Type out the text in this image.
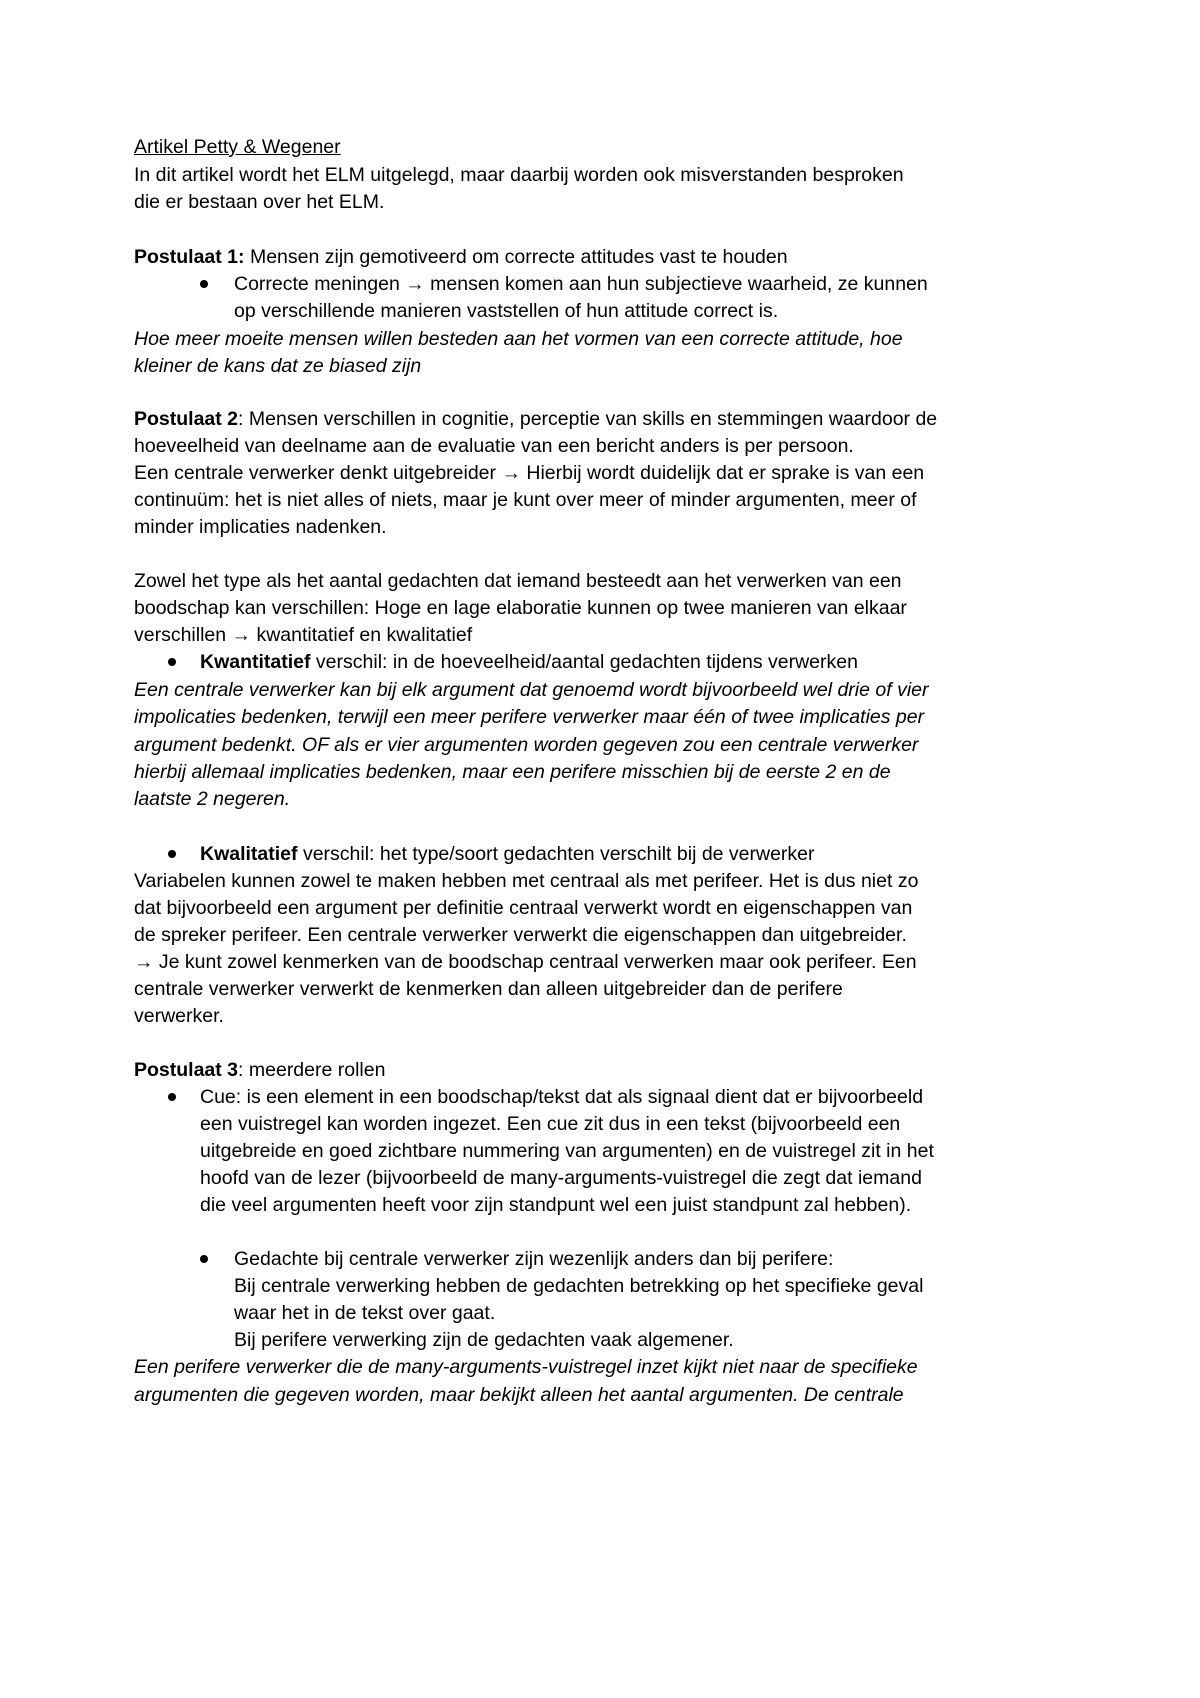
Artikel Petty & Wegener
In dit artikel wordt het ELM uitgelegd, maar daarbij worden ook misverstanden besproken
die er bestaan over het ELM.
Postulaat 1: Mensen zijn gemotiveerd om correcte attitudes vast te houden
Correcte meningen → mensen komen aan hun subjectieve waarheid, ze kunnen
op verschillende manieren vaststellen of hun attitude correct is.
Hoe meer moeite mensen willen besteden aan het vormen van een correcte attitude, hoe
kleiner de kans dat ze biased zijn
Postulaat 2: Mensen verschillen in cognitie, perceptie van skills en stemmingen waardoor de
hoeveelheid van deelname aan de evaluatie van een bericht anders is per persoon.
Een centrale verwerker denkt uitgebreider → Hierbij wordt duidelijk dat er sprake is van een
continuüm: het is niet alles of niets, maar je kunt over meer of minder argumenten, meer of
minder implicaties nadenken.
Zowel het type als het aantal gedachten dat iemand besteedt aan het verwerken van een
boodschap kan verschillen: Hoge en lage elaboratie kunnen op twee manieren van elkaar
verschillen → kwantitatief en kwalitatief
Kwantitatief verschil: in de hoeveelheid/aantal gedachten tijdens verwerken
Een centrale verwerker kan bij elk argument dat genoemd wordt bijvoorbeeld wel drie of vier
impolicaties bedenken, terwijl een meer perifere verwerker maar één of twee implicaties per
argument bedenkt. OF als er vier argumenten worden gegeven zou een centrale verwerker
hierbij allemaal implicaties bedenken, maar een perifere misschien bij de eerste 2 en de
laatste 2 negeren.
Kwalitatief verschil: het type/soort gedachten verschilt bij de verwerker
Variabelen kunnen zowel te maken hebben met centraal als met perifeer. Het is dus niet zo
dat bijvoorbeeld een argument per definitie centraal verwerkt wordt en eigenschappen van
de spreker perifeer. Een centrale verwerker verwerkt die eigenschappen dan uitgebreider.
→ Je kunt zowel kenmerken van de boodschap centraal verwerken maar ook perifeer. Een
centrale verwerker verwerkt de kenmerken dan alleen uitgebreider dan de perifere
verwerker.
Postulaat 3: meerdere rollen
Cue: is een element in een boodschap/tekst dat als signaal dient dat er bijvoorbeeld
een vuistregel kan worden ingezet. Een cue zit dus in een tekst (bijvoorbeeld een
uitgebreide en goed zichtbare nummering van argumenten) en de vuistregel zit in het
hoofd van de lezer (bijvoorbeeld de many-arguments-vuistregel die zegt dat iemand
die veel argumenten heeft voor zijn standpunt wel een juist standpunt zal hebben).
Gedachte bij centrale verwerker zijn wezenlijk anders dan bij perifere:
Bij centrale verwerking hebben de gedachten betrekking op het specifieke geval
waar het in de tekst over gaat.
Bij perifere verwerking zijn de gedachten vaak algemener.
Een perifere verwerker die de many-arguments-vuistregel inzet kijkt niet naar de specifieke
argumenten die gegeven worden, maar bekijkt alleen het aantal argumenten. De centrale
